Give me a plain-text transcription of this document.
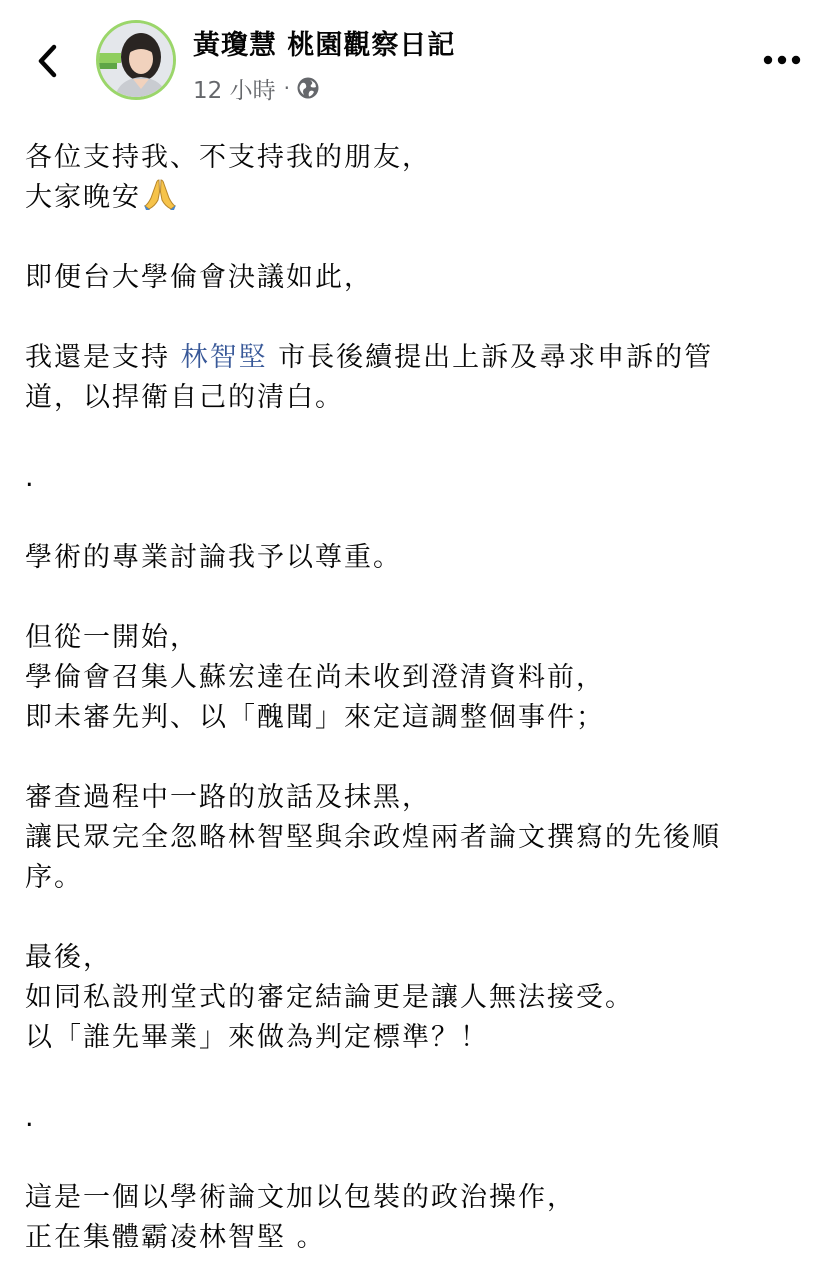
黃瓊慧 桃園觀察日記
12 小時 ·
各位支持我、不支持我的朋友，
大家晚安
即便台大學倫會決議如此，
我還是支持 林智堅 市長後續提出上訴及尋求申訴的管
道，以捍衛自己的清白。
.
學術的專業討論我予以尊重。
但從一開始，
學倫會召集人蘇宏達在尚未收到澄清資料前，
即未審先判、以「醜聞」來定這調整個事件；
審查過程中一路的放話及抹黑，
讓民眾完全忽略林智堅與余政煌兩者論文撰寫的先後順
序。
最後，
如同私設刑堂式的審定結論更是讓人無法接受。
以「誰先畢業」來做為判定標準？！
.
這是一個以學術論文加以包裝的政治操作，
正在集體霸凌林智堅 。
